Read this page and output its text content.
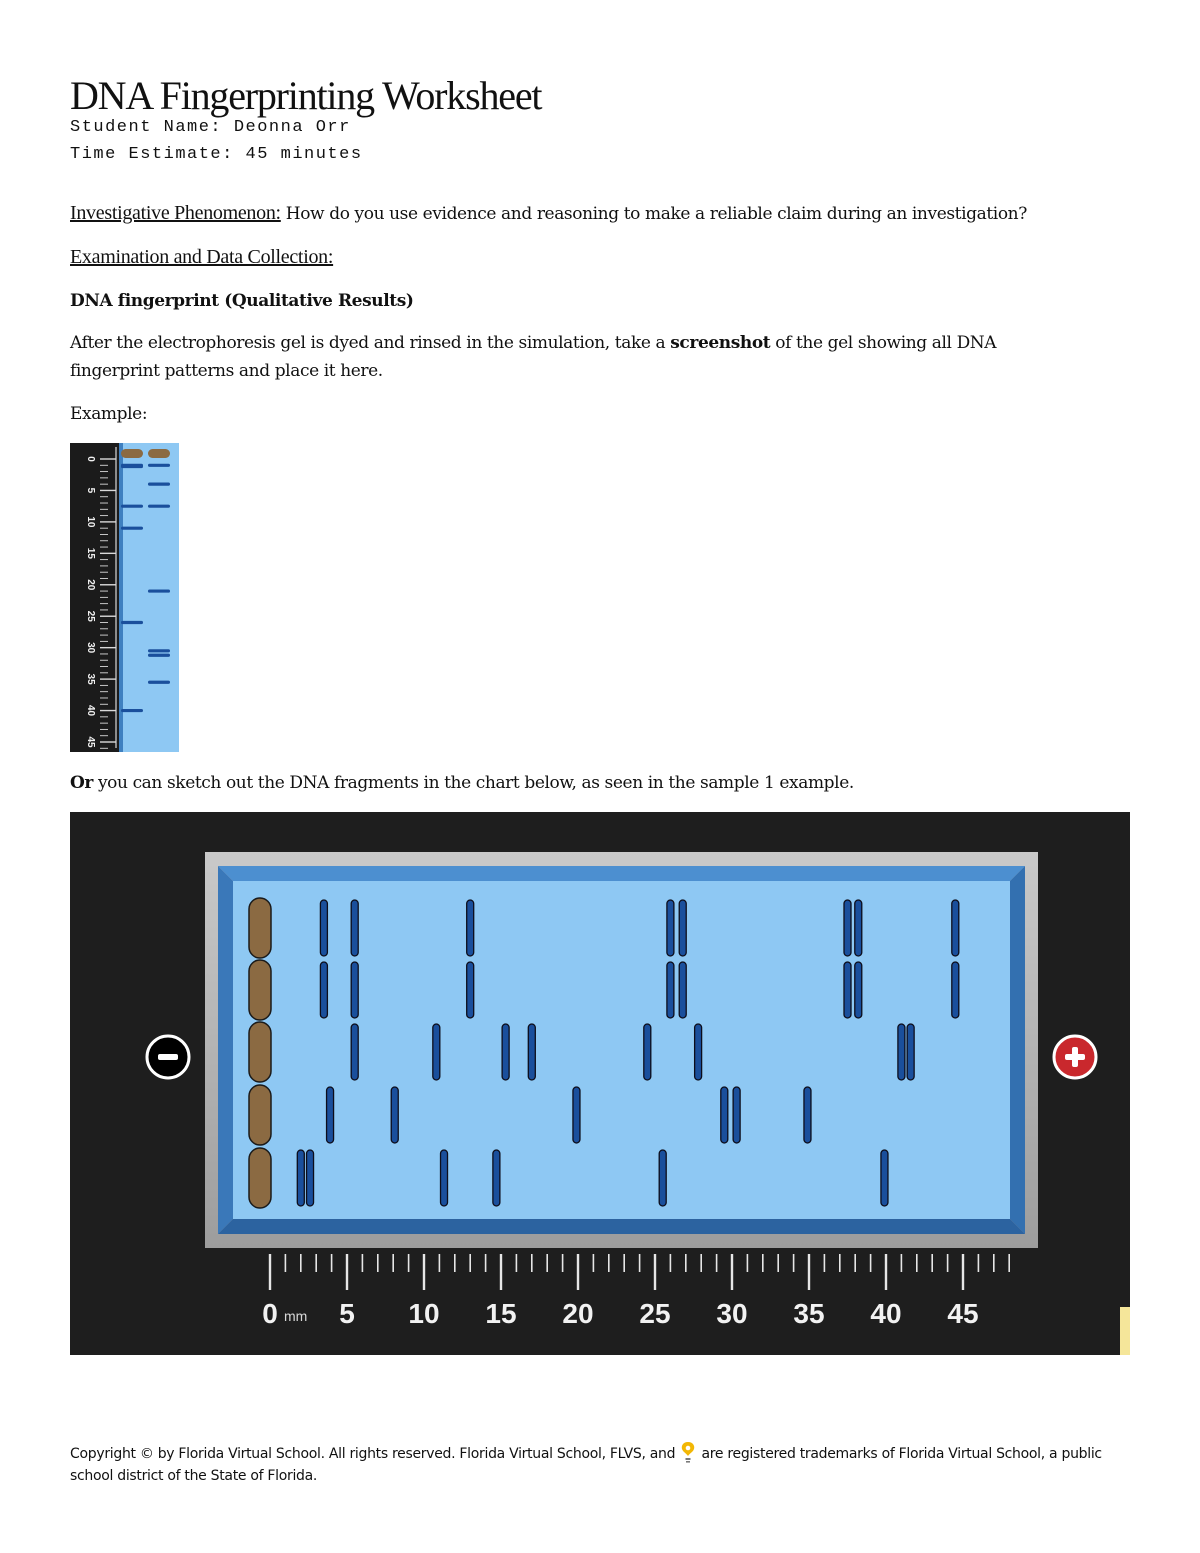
DNA Fingerprinting Worksheet
Student Name: Deonna Orr
Time Estimate: 45 minutes
Investigative Phenomenon: How do you use evidence and reasoning to make a reliable claim during an investigation?
Examination and Data Collection:
DNA fingerprint (Qualitative Results)
After the electrophoresis gel is dyed and rinsed in the simulation, take a screenshot of the gel showing all DNA
fingerprint patterns and place it here.
Example:
0
5
10
15
20
25
30
35
40
45
Or you can sketch out the DNA fragments in the chart below, as seen in the sample 1 example.
0 5 10 15 20 25 30 35 40 45
mm
Copyright © by Florida Virtual School. All rights reserved. Florida Virtual School, FLVS, and  are registered trademarks of Florida Virtual School, a public school district of the State of Florida.
